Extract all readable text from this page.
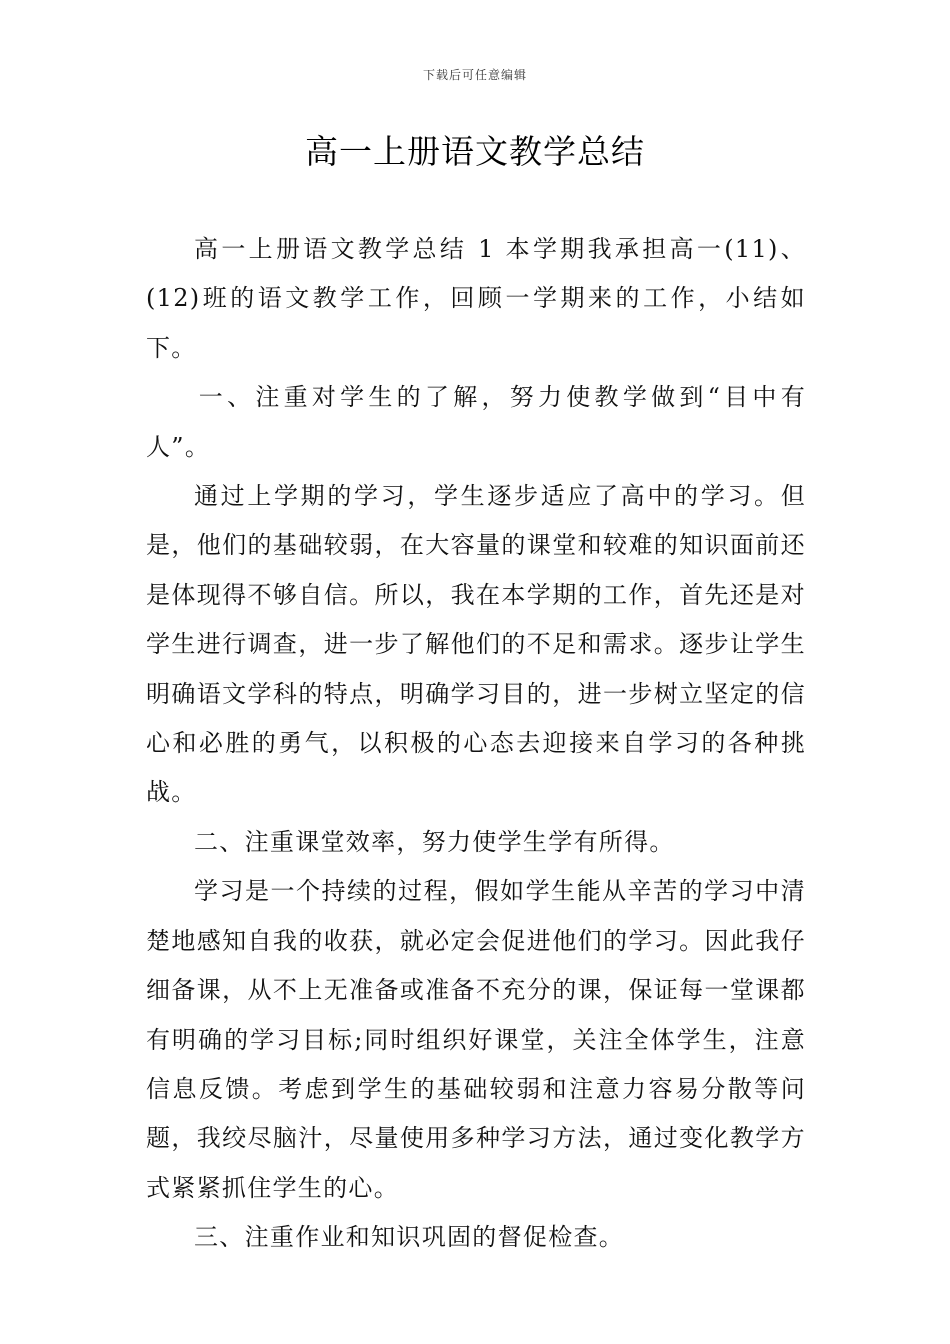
下载后可任意编辑
高一上册语文教学总结

高一上册语文教学总结 1 本学期我承担高一(11)、(12)班的语文教学工作，回顾一学期来的工作，小结如下。

一、注重对学生的了解，努力使教学做到“目中有人”。

通过上学期的学习，学生逐步适应了高中的学习。但是，他们的基础较弱，在大容量的课堂和较难的知识面前还是体现得不够自信。所以，我在本学期的工作，首先还是对学生进行调查，进一步了解他们的不足和需求。逐步让学生明确语文学科的特点，明确学习目的，进一步树立坚定的信心和必胜的勇气，以积极的心态去迎接来自学习的各种挑战。

二、注重课堂效率，努力使学生学有所得。

学习是一个持续的过程，假如学生能从辛苦的学习中清楚地感知自我的收获，就必定会促进他们的学习。因此我仔细备课，从不上无准备或准备不充分的课，保证每一堂课都有明确的学习目标;同时组织好课堂，关注全体学生，注意信息反馈。考虑到学生的基础较弱和注意力容易分散等问题，我绞尽脑汁，尽量使用多种学习方法，通过变化教学方式紧紧抓住学生的心。

三、注重作业和知识巩固的督促检查。
